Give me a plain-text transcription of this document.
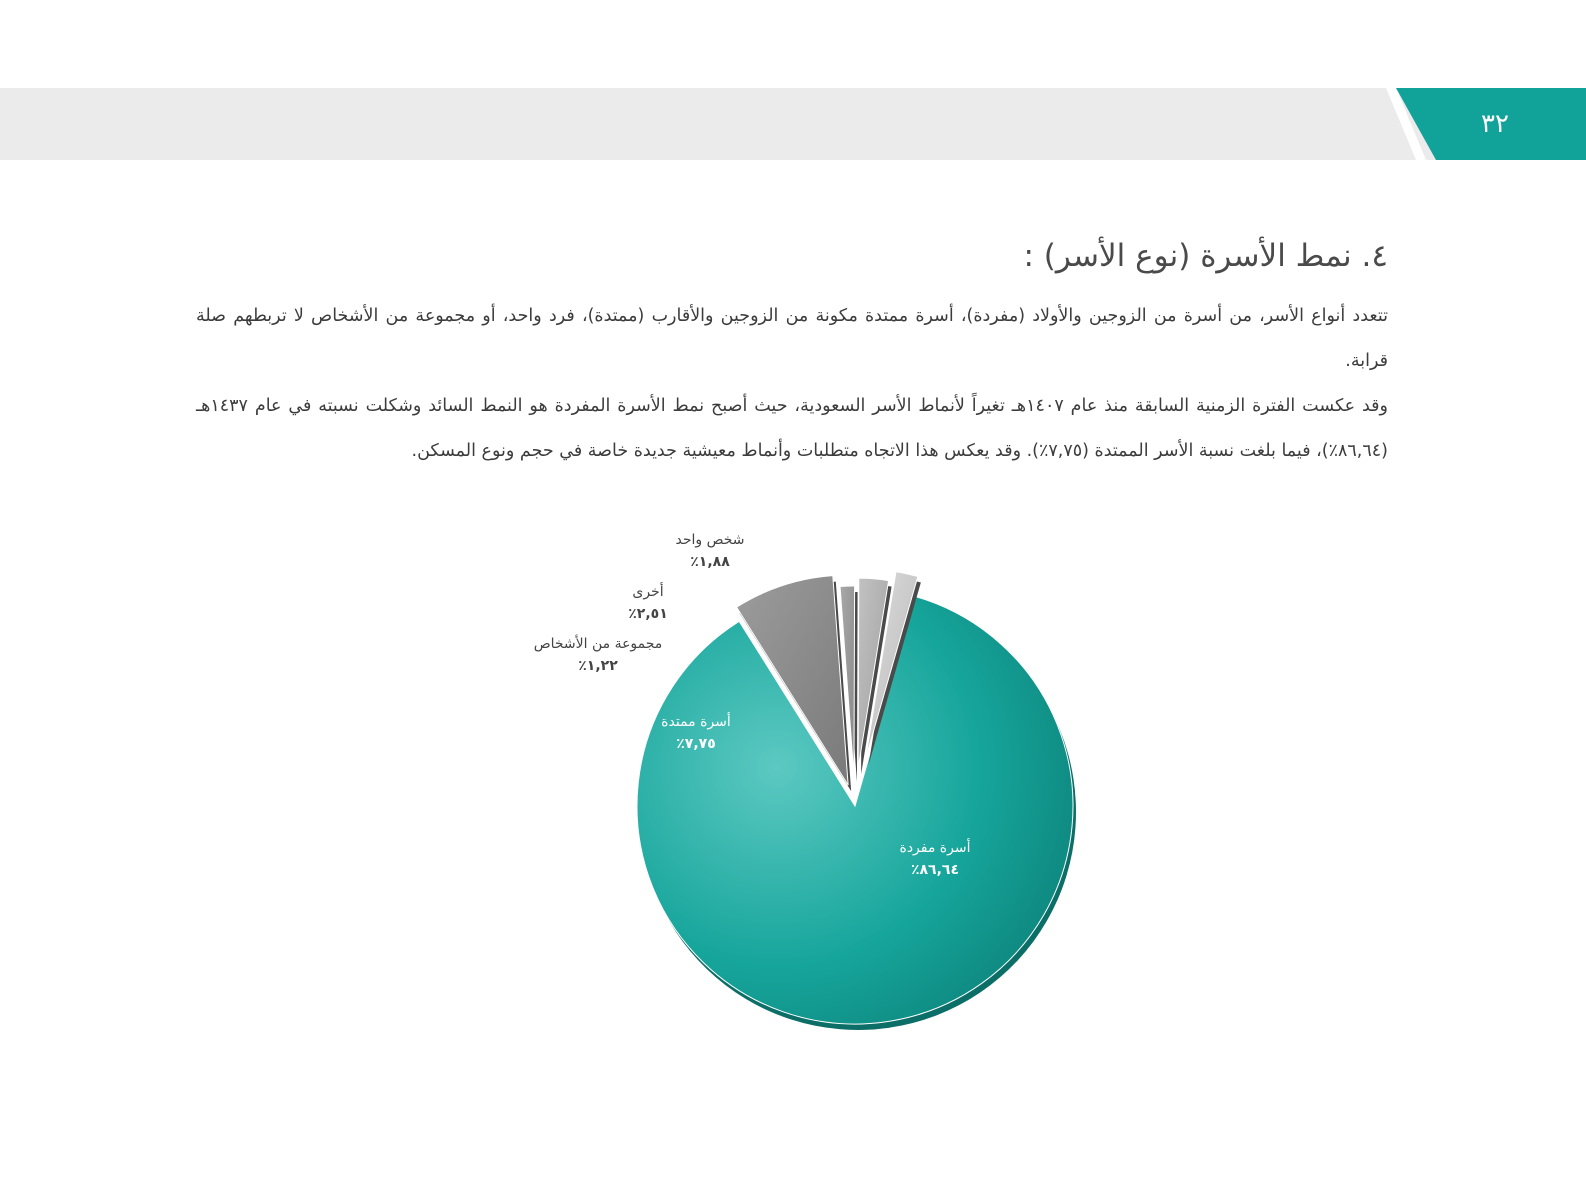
٣٢
٤. نمط الأسرة (نوع الأسر) :

تتعدد أنواع الأسر، من أسرة من الزوجين والأولاد (مفردة)، أسرة ممتدة مكونة من الزوجين والأقارب (ممتدة)، فرد واحد، أو مجموعة من الأشخاص لا تربطهم صلة قرابة.

وقد عكست الفترة الزمنية السابقة منذ عام ١٤٠٧هـ تغيراً لأنماط الأسر السعودية، حيث أصبح نمط الأسرة المفردة هو النمط السائد وشكلت نسبته في عام ١٤٣٧هـ (٨٦,٦٤٪)، فيما بلغت نسبة الأسر الممتدة (٧,٧٥٪). وقد يعكس هذا الاتجاه متطلبات وأنماط معيشية جديدة خاصة في حجم ونوع المسكن.

أسرة مفردة
٨٦,٦٤٪
أسرة ممتدة
٧,٧٥٪
مجموعة من الأشخاص
١,٢٢٪
أخرى
٢,٥١٪
شخص واحد
١,٨٨٪
